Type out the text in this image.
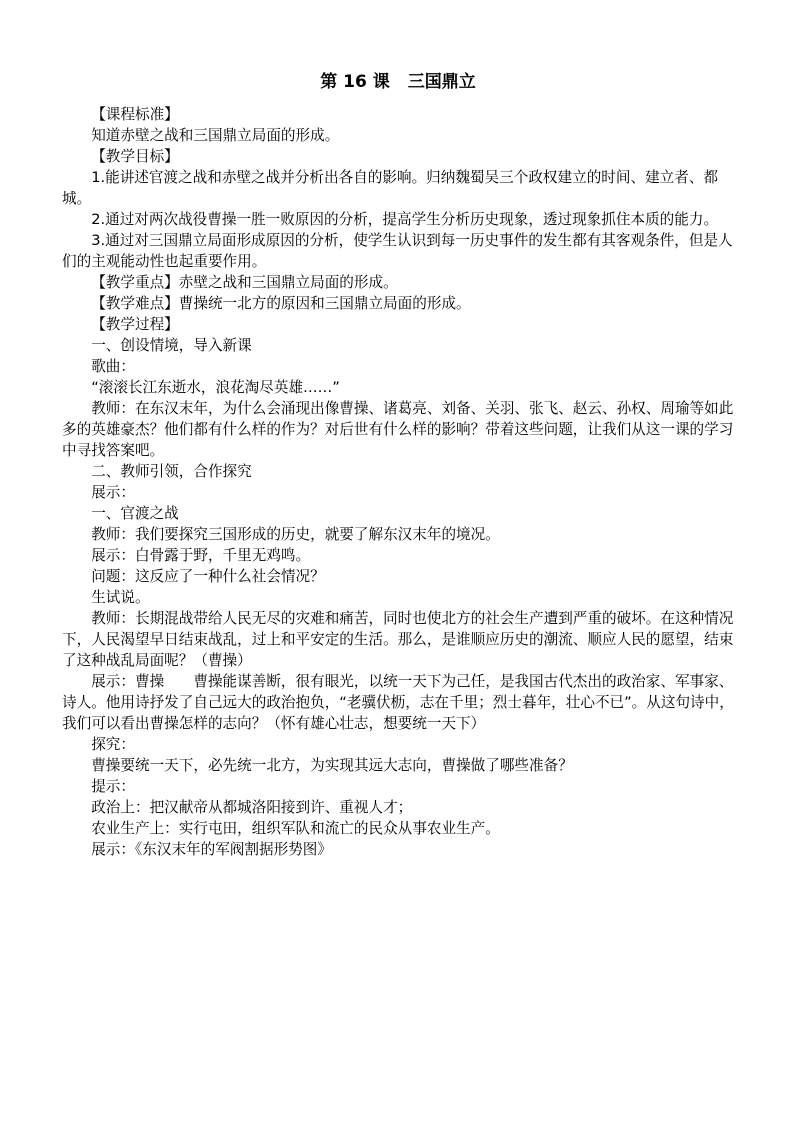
第 16 课 三国鼎立

【课程标准】

知道赤壁之战和三国鼎立局面的形成。

【教学目标】

1.能讲述官渡之战和赤壁之战并分析出各自的影响。归纳魏蜀吴三个政权建立的时间、建立者、都城。

2.通过对两次战役曹操一胜一败原因的分析，提高学生分析历史现象，透过现象抓住本质的能力。

3.通过对三国鼎立局面形成原因的分析，使学生认识到每一历史事件的发生都有其客观条件，但是人们的主观能动性也起重要作用。

【教学重点】赤壁之战和三国鼎立局面的形成。

【教学难点】曹操统一北方的原因和三国鼎立局面的形成。

【教学过程】

一、创设情境，导入新课

歌曲：

“滚滚长江东逝水，浪花淘尽英雄……”

教师：在东汉末年，为什么会涌现出像曹操、诸葛亮、刘备、关羽、张飞、赵云、孙权、周瑜等如此多的英雄豪杰？他们都有什么样的作为？对后世有什么样的影响？带着这些问题，让我们从这一课的学习中寻找答案吧。

二、教师引领，合作探究

展示：

一、官渡之战

教师：我们要探究三国形成的历史，就要了解东汉末年的境况。

展示：白骨露于野，千里无鸡鸣。

问题：这反应了一种什么社会情况？

生试说。

教师：长期混战带给人民无尽的灾难和痛苦，同时也使北方的社会生产遭到严重的破坏。在这种情况下，人民渴望早日结束战乱，过上和平安定的生活。那么，是谁顺应历史的潮流、顺应人民的愿望，结束了这种战乱局面呢？（曹操）

展示：曹操　　曹操能谋善断，很有眼光，以统一天下为己任，是我国古代杰出的政治家、军事家、诗人。他用诗抒发了自己远大的政治抱负，“老骥伏枥，志在千里；烈士暮年，壮心不已”。从这句诗中，我们可以看出曹操怎样的志向？（怀有雄心壮志，想要统一天下）

探究：

曹操要统一天下，必先统一北方，为实现其远大志向，曹操做了哪些准备？

提示：

政治上：把汉献帝从都城洛阳接到许、重视人才；

农业生产上：实行屯田，组织军队和流亡的民众从事农业生产。

展示：《东汉末年的军阀割据形势图》
